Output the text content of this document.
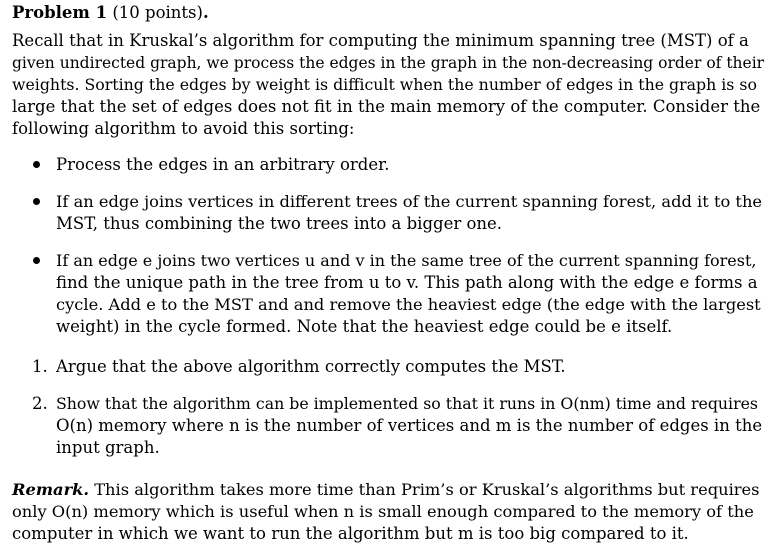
Problem 1 (10 points).
Recall that in Kruskal’s algorithm for computing the minimum spanning tree (MST) of a
given undirected graph, we process the edges in the graph in the non-decreasing order of their
weights. Sorting the edges by weight is difficult when the number of edges in the graph is so
large that the set of edges does not fit in the main memory of the computer. Consider the
following algorithm to avoid this sorting:
Process the edges in an arbitrary order.
If an edge joins vertices in different trees of the current spanning forest, add it to the
MST, thus combining the two trees into a bigger one.
If an edge e joins two vertices u and v in the same tree of the current spanning forest,
find the unique path in the tree from u to v. This path along with the edge e forms a
cycle. Add e to the MST and and remove the heaviest edge (the edge with the largest
weight) in the cycle formed. Note that the heaviest edge could be e itself.
1. Argue that the above algorithm correctly computes the MST.
2. Show that the algorithm can be implemented so that it runs in O(nm) time and requires
O(n) memory where n is the number of vertices and m is the number of edges in the
input graph.
Remark. This algorithm takes more time than Prim’s or Kruskal’s algorithms but requires
only O(n) memory which is useful when n is small enough compared to the memory of the
computer in which we want to run the algorithm but m is too big compared to it.
